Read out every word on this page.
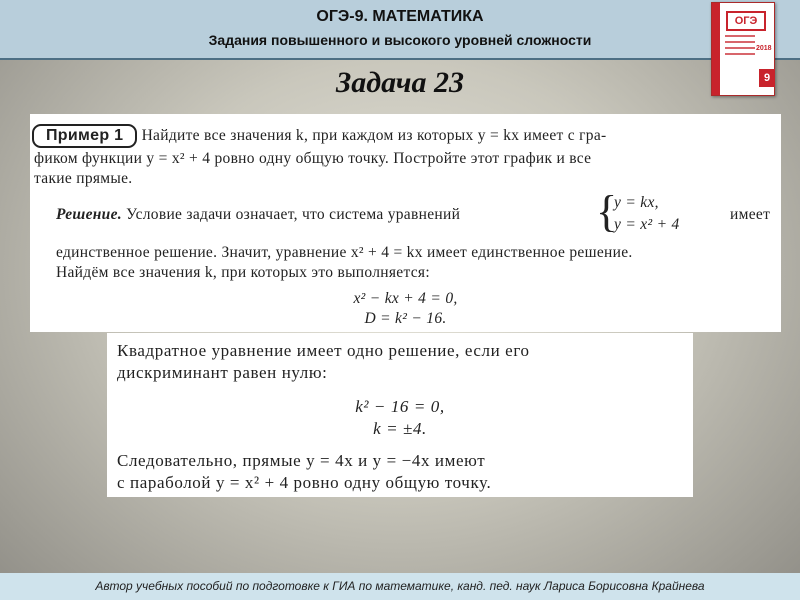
ОГЭ-9. МАТЕМАТИКА
Задания повышенного и высокого уровней сложности
ОГЭ
2018
9
Задача 23
Пример 1 Найдите все значения k, при каждом из которых y = kx имеет с гра-
фиком функции y = x² + 4 ровно одну общую точку. Постройте этот график и все
такие прямые.
Решение. Условие задачи означает, что система уравнений	{
y = kx,
y = x² + 4
имеет
единственное решение. Значит, уравнение x² + 4 = kx имеет единственное решение.
Найдём все значения k, при которых это выполняется:
x² − kx + 4 = 0,
D = k² − 16.
Квадратное уравнение имеет одно решение, если его
дискриминант равен нулю:
k² − 16 = 0,
k = ±4.
Следовательно, прямые y = 4x и y = −4x имеют
с параболой y = x² + 4 ровно одну общую точку.
Автор учебных пособий по подготовке к ГИА по математике, канд. пед. наук Лариса Борисовна Крайнева
